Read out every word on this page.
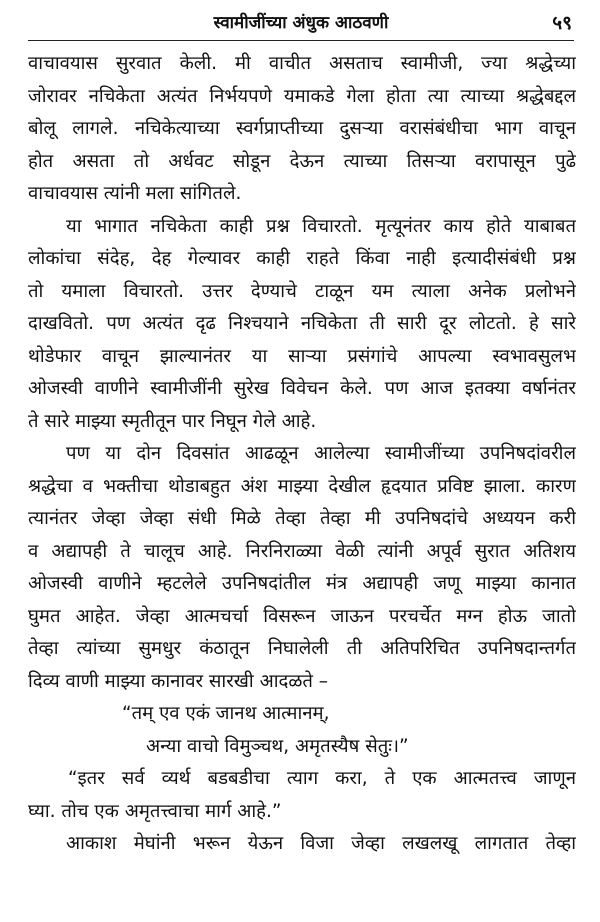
स्वामीजींच्या अंधुक आठवणी	५९
वाचावयास सुरवात केली. मी वाचीत असताच स्वामीजी, ज्या श्रद्धेच्या
जोरावर नचिकेता अत्यंत निर्भयपणे यमाकडे गेला होता त्या त्याच्या श्रद्धेबद्दल
बोलू लागले. नचिकेत्याच्या स्वर्गप्राप्तीच्या दुसऱ्या वरासंबंधीचा भाग वाचून
होत असता तो अर्धवट सोडून देऊन त्याच्या तिसऱ्या वरापासून पुढे
वाचावयास त्यांनी मला सांगितले.
या भागात नचिकेता काही प्रश्न विचारतो. मृत्यूनंतर काय होते याबाबत
लोकांचा संदेह, देह गेल्यावर काही राहते किंवा नाही इत्यादीसंबंधी प्रश्न
तो यमाला विचारतो. उत्तर देण्याचे टाळून यम त्याला अनेक प्रलोभने
दाखवितो. पण अत्यंत दृढ निश्चयाने नचिकेता ती सारी दूर लोटतो. हे सारे
थोडेफार वाचून झाल्यानंतर या साऱ्या प्रसंगांचे आपल्या स्वभावसुलभ
ओजस्वी वाणीने स्वामीजींनी सुरेख विवेचन केले. पण आज इतक्या वर्षानंतर
ते सारे माझ्या स्मृतीतून पार निघून गेले आहे.
पण या दोन दिवसांत आढळून आलेल्या स्वामीजींच्या उपनिषदांवरील
श्रद्धेचा व भक्तीचा थोडाबहुत अंश माझ्या देखील हृदयात प्रविष्ट झाला. कारण
त्यानंतर जेव्हा जेव्हा संधी मिळे तेव्हा तेव्हा मी उपनिषदांचे अध्ययन करी
व अद्यापही ते चालूच आहे. निरनिराळ्या वेळी त्यांनी अपूर्व सुरात अतिशय
ओजस्वी वाणीने म्हटलेले उपनिषदांतील मंत्र अद्यापही जणू माझ्या कानात
घुमत आहेत. जेव्हा आत्मचर्चा विसरून जाऊन परचर्चेत मग्न होऊ जातो
तेव्हा त्यांच्या सुमधुर कंठातून निघालेली ती अतिपरिचित उपनिषदान्तर्गत
दिव्य वाणी माझ्या कानावर सारखी आदळते –
“तम् एव एकं जानथ आत्मानम्,
अन्या वाचो विमुञ्चथ, अमृतस्यैष सेतुः।”
“इतर सर्व व्यर्थ बडबडीचा त्याग करा, ते एक आत्मतत्त्व जाणून
घ्या. तोच एक अमृतत्त्वाचा मार्ग आहे.”
आकाश मेघांनी भरून येऊन विजा जेव्हा लखलखू लागतात तेव्हा
